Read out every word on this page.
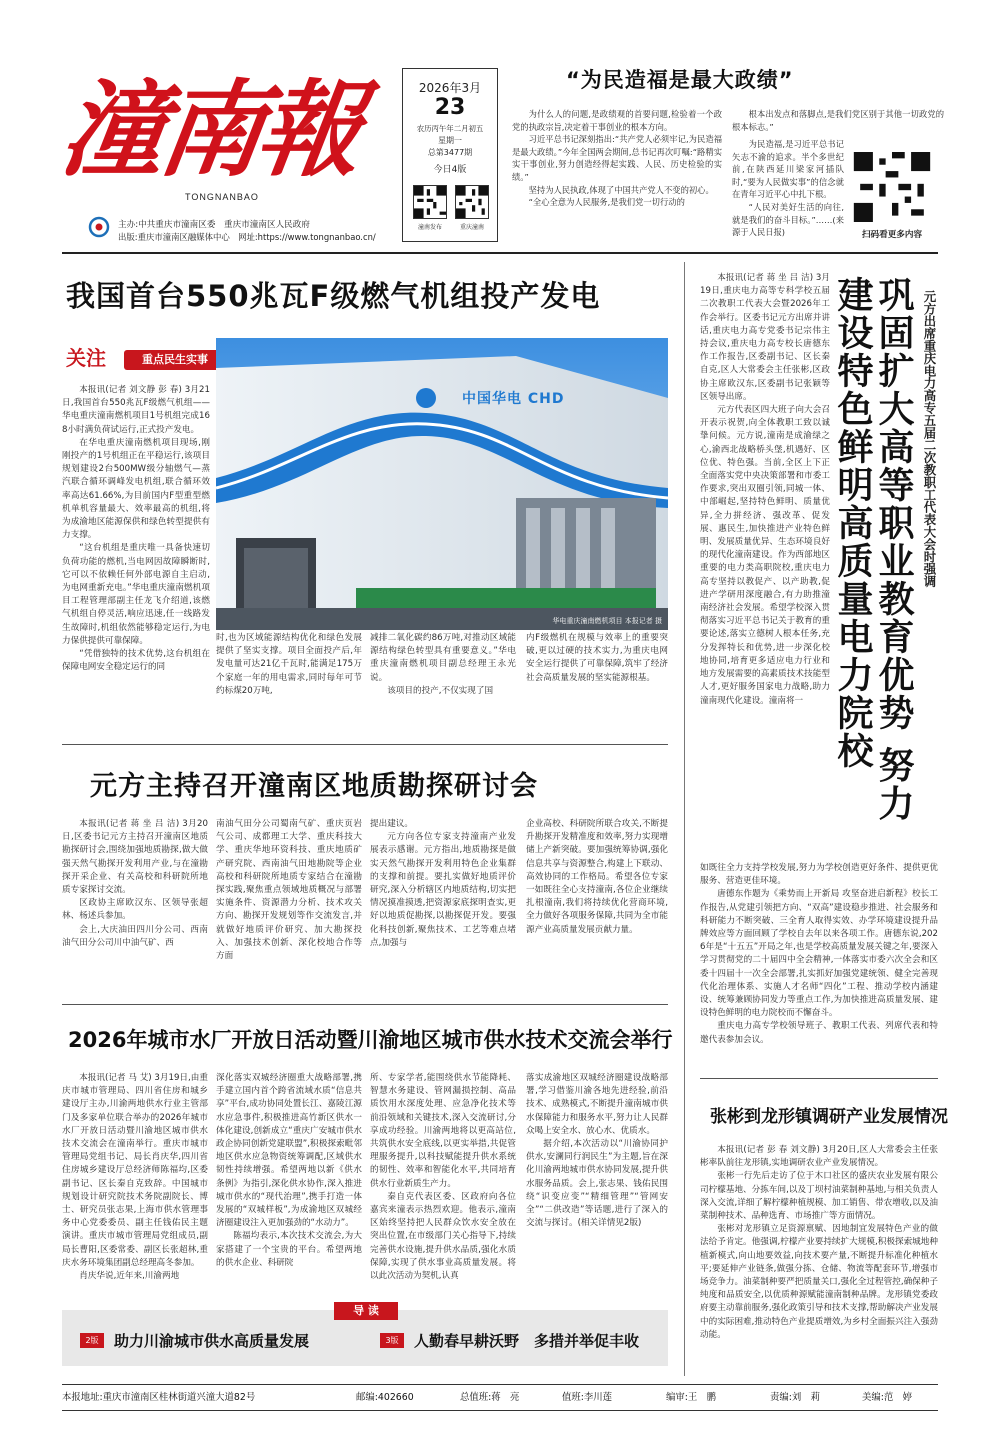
潼南報
TONGNANBAO
主办:中共重庆市潼南区委　重庆市潼南区人民政府
出版:重庆市潼南区融媒体中心　网址:https://www.tongnanbao.cn/
2026年3月
23
农历丙午年二月初五
星期一
总第3477期
今日4版
潼南发布	重庆潼南
“为民造福是最大政绩”

为什么人的问题,是政绩观的首要问题,检验着一个政党的执政宗旨,决定着干事创业的根本方向。

习近平总书记深刻指出:“共产党人必须牢记,为民造福是最大政绩。”今年全国两会期间,总书记再次叮嘱:“路精实实干事创业,努力创造经得起实践、人民、历史检验的实绩。”

坚持为人民执政,体现了中国共产党人不变的初心。

“全心全意为人民服务,是我们党一切行动的

根本出发点和落脚点,是我们党区别于其他一切政党的根本标志。”

为民造福,是习近平总书记矢志不渝的追求。半个多世纪前,在陕西延川梁家河插队时,“要为人民做实事”的信念就在青年习近平心中扎下根。

“人民对美好生活的向往,就是我们的奋斗目标。”……(来源于人民日报)	扫码看更多内容
我国首台550兆瓦F级燃气机组投产发电
关注	重点民生实事
中国华电 CHD
华电重庆潼南燃机项目 本报记者 摄

本报讯(记者 刘文静 彭 春) 3月21日,我国首台550兆瓦F级燃气机组——华电重庆潼南燃机项目1号机组完成168小时满负荷试运行,正式投产发电。

在华电重庆潼南燃机项目现场,刚刚投产的1号机组正在平稳运行,该项目规划建设2台500MW级分轴燃气—蒸汽联合循环调峰发电机组,联合循环效率高达61.66%,为目前国内F型重型燃机单机容量最大、效率最高的机组,将为成渝地区能源保供和绿色转型提供有力支撑。

“这台机组是重庆唯一具备快速切负荷功能的燃机,当电网因故障瞬断时,它可以不依赖任何外部电源自主启动,为电网重新充电。”华电重庆潼南燃机项目工程管理部副主任龙飞介绍道,该燃气机组自停灵活,响应迅速,任一线路发生故障时,机组依然能够稳定运行,为电力保供提供可靠保障。

“凭借独特的技术优势,这台机组在保障电网安全稳定运行的同

时,也为区域能源结构优化和绿色发展提供了坚实支撑。项目全面投产后,年发电量可达21亿千瓦时,能满足175万个家庭一年的用电需求,同时每年可节约标煤20万吨,

减排二氧化碳约86万吨,对推动区域能源结构绿色转型具有重要意义。”华电重庆潼南燃机项目副总经理王永光说。

该项目的投产,不仅实现了国

内F级燃机在规模与效率上的重要突破,更以过硬的技术实力,为重庆电网安全运行提供了可靠保障,筑牢了经济社会高质量发展的坚实能源根基。

元方主持召开潼南区地质勘探研讨会

本报讯(记者 蒋 坐 吕 洁) 3月20日,区委书记元方主持召开潼南区地质勘探研讨会,围绕加强地质勘探,做大做强天然气勘探开发利用产业,与在潼勘探开采企业、有关高校和科研院所地质专家探讨交流。

区政协主席欧汉东、区领导张超林、杨述兵参加。

会上,大庆油田四川分公司、西南油气田分公司川中油气矿、西

南油气田分公司蜀南气矿、重庆页岩气公司、成都理工大学、重庆科技大学、重庆华地环资科技、重庆地质矿产研究院、西南油气田地勘院等企业高校和科研院所地质专家结合在潼勘探实践,聚焦重点领域地质概况与部署实施条件、资源潜力分析、技术攻关方向、勘探开发规划等作交流发言,并就做好地质评价研究、加大勘探投入、加强技术创新、深化校地合作等方面

提出建议。

元方向各位专家支持潼南产业发展表示感谢。元方指出,地质勘探是做实天然气勘探开发利用特色企业集群的支撑和前提。要扎实做好地质评价研究,深入分析辖区内地质结构,切实把情况摸准摸透,把资源家底探明查实,更好以地质促勘探,以勘探促开发。要强化科技创新,聚焦技术、工艺等难点堵点,加强与

企业高校、科研院所联合攻关,不断提升勘探开发精准度和效率,努力实现增储上产新突破。要加强统筹协调,强化信息共享与资源整合,构建上下联动、高效协同的工作格局。希望各位专家一如既往全心支持潼南,各位企业继续扎根潼南,我们将持续优化营商环境,全力做好各项服务保障,共同为全市能源产业高质量发展贡献力量。

2026年城市水厂开放日活动暨川渝地区城市供水技术交流会举行

本报讯(记者 马 艾) 3月19日,由重庆市城市管理局、四川省住房和城乡建设厅主办,川渝两地供水行业主管部门及多家单位联合举办的2026年城市水厂开放日活动暨川渝地区城市供水技术交流会在潼南举行。重庆市城市管理局党组书记、局长肖庆华,四川省住房城乡建设厅总经济师陈福均,区委副书记、区长秦自克致辞。中国城市规划设计研究院技术务院副院长、博士、研究员张志果,上海市供水管理事务中心党委委员、副主任钱佑民主题演讲。重庆市城市管理局党组成员,副局长曹阳,区委常委、副区长张超林,重庆水务环境集团副总经理高冬参加。

肖庆华说,近年来,川渝两地

深化落实双城经济圈重大战略部署,携手建立国内首个跨省流域水质“信息共享”平台,成功协同处置长江、嘉陵江源水应急事件,积极推进高竹新区供水一体化建设,创新成立“重庆广安城市供水政企协同创新党建联盟”,积极探索毗邻地区供水应急物资统筹调配,区域供水韧性持续增强。希望两地以新《供水条例》为指引,深化供水协作,深入推进城市供水的“现代治理”,携手打造一体发展的“双城样板”,为成渝地区双城经济圈建设注入更加强劲的“水动力”。

陈福均表示,本次技术交流会,为大家搭建了一个宝贵的平台。希望两地的供水企业、科研院

所、专家学者,能围绕供水节能降耗、智慧水务建设、管网漏损控制、高品质饮用水深度处理、应急净化技术等前沿领域和关键技术,深入交流研讨,分享成功经验。川渝两地将以更高站位,共筑供水安全底线,以更实举措,共促管理服务提升,以科技赋能提升供水系统的韧性、效率和智能化水平,共同培育供水行业新质生产力。

秦自克代表区委、区政府向各位嘉宾来潼表示热烈欢迎。他表示,潼南区始终坚持把人民群众饮水安全放在突出位置,在市级部门关心指导下,持续完善供水设施,提升供水品质,强化水质保障,实现了供水事业高质量发展。将以此次活动为契机,认真

落实成渝地区双城经济圈建设战略部署,学习借鉴川渝各地先进经验,前沿技术、成熟模式,不断提升潼南城市供水保障能力和服务水平,努力让人民群众喝上安全水、放心水、优质水。

据介绍,本次活动以“川渝协同护供水,安澜同行润民生”为主题,旨在深化川渝两地城市供水协同发展,提升供水服务品质。会上,张志果、钱佑民围绕“识变应变”“精细管理”“管网安全”“二供改造”等话题,进行了深入的交流与探讨。(相关详情见2版)

导 读
2版	助力川渝城市供水高质量发展	3版	人勤春早耕沃野　多措并举促丰收

本报讯(记者 蒋 坐 吕 洁) 3月19日,重庆电力高等专科学校五届二次教职工代表大会暨2026年工作会举行。区委书记元方出席并讲话,重庆电力高专党委书记宗伟主持会议,重庆电力高专校长唐德东作工作报告,区委副书记、区长秦自克,区人大常委会主任张彬,区政协主席欧汉东,区委副书记张颖等区领导出席。

元方代表区四大班子向大会召开表示祝贺,向全体教职工致以诚挚问候。元方说,潼南是成渝绿之心,渝西北战略桥头堡,机遇好、区位优、特色强。当前,全区上下正全面落实党中央决策部署和市委工作要求,突出双圈引领,同城一体、中部崛起,坚持特色鲜明、质量优异,全力拼经济、强改革、促发展、惠民生,加快推进产业特色鲜明、发展质量优异、生态环境良好的现代化潼南建设。作为西部地区重要的电力类高职院校,重庆电力高专坚持以教促产、以产助教,促进产学研用深度融合,有力助推潼南经济社会发展。希望学校深入贯彻落实习近平总书记关于教育的重要论述,落实立德树人根本任务,充分发挥特长和优势,进一步深化校地协同,培育更多适应电力行业和地方发展需要的高素质技术技能型人才,更好服务国家电力战略,助力潼南现代化建设。潼南将一	巩固扩大高等职业教育优势 努力建设特色鲜明高质量电力院校	元方出席重庆电力高专五届二次教职工代表大会时强调

如既往全力支持学校发展,努力为学校创造更好条件、提供更优服务、营造更佳环境。

唐德东作题为《乘势而上开新局 攻坚奋进启新程》校长工作报告,从党建引领把方向、“双高”建设稳步推进、社会服务和科研能力不断突破、三全育人取得实效、办学环境建设提升品牌效应等方面回顾了学校自去年以来各项工作。唐德东说,2026年是“十五五”开局之年,也是学校高质量发展关键之年,要深入学习贯彻党的二十届四中全会精神,一体落实市委六次全会和区委十四届十一次全会部署,扎实抓好加强党建统领、健全完善现代化治理体系、实施人才名师“四化”工程、推动学校内涵建设、统筹兼顾协同发力等重点工作,为加快推进高质量发展、建设特色鲜明的电力院校而不懈奋斗。

重庆电力高专学校领导班子、教职工代表、列席代表和特邀代表参加会议。

张彬到龙形镇调研产业发展情况

本报讯(记者 彭 春 刘文静) 3月20日,区人大常委会主任张彬率队前往龙形镇,实地调研农业产业发展情况。

张彬一行先后走访了位于木口社区的盛庆农业发展有限公司柠檬基地、分拣车间,以及丁坝村油菜制种基地,与相关负责人深入交流,详细了解柠檬种植规模、加工销售、带农增收,以及油菜制种技术、品种选育、市场推广等方面情况。

张彬对龙形镇立足资源禀赋、因地制宜发展特色产业的做法给予肯定。他强调,柠檬产业要持续扩大规模,积极探索城地种植新模式,向山地要效益,向技术要产量,不断提升标准化种植水平;要延伸产业链条,做强分拣、仓储、物流等配套环节,增强市场竞争力。油菜制种要严把质量关口,强化全过程管控,确保种子纯度和品质安全,以优质种源赋能潼南制种品牌。龙形镇党委政府要主动靠前服务,强化政策引导和技术支撑,帮助解决产业发展中的实际困难,推动特色产业提质增效,为乡村全面振兴注入强劲动能。

本报地址:重庆市潼南区桂林街道兴潼大道82号	邮编:402660	总值班:蒋　亮	值班:李川莲	编审:王　鹏	责编:刘　莉	美编:范　婷
